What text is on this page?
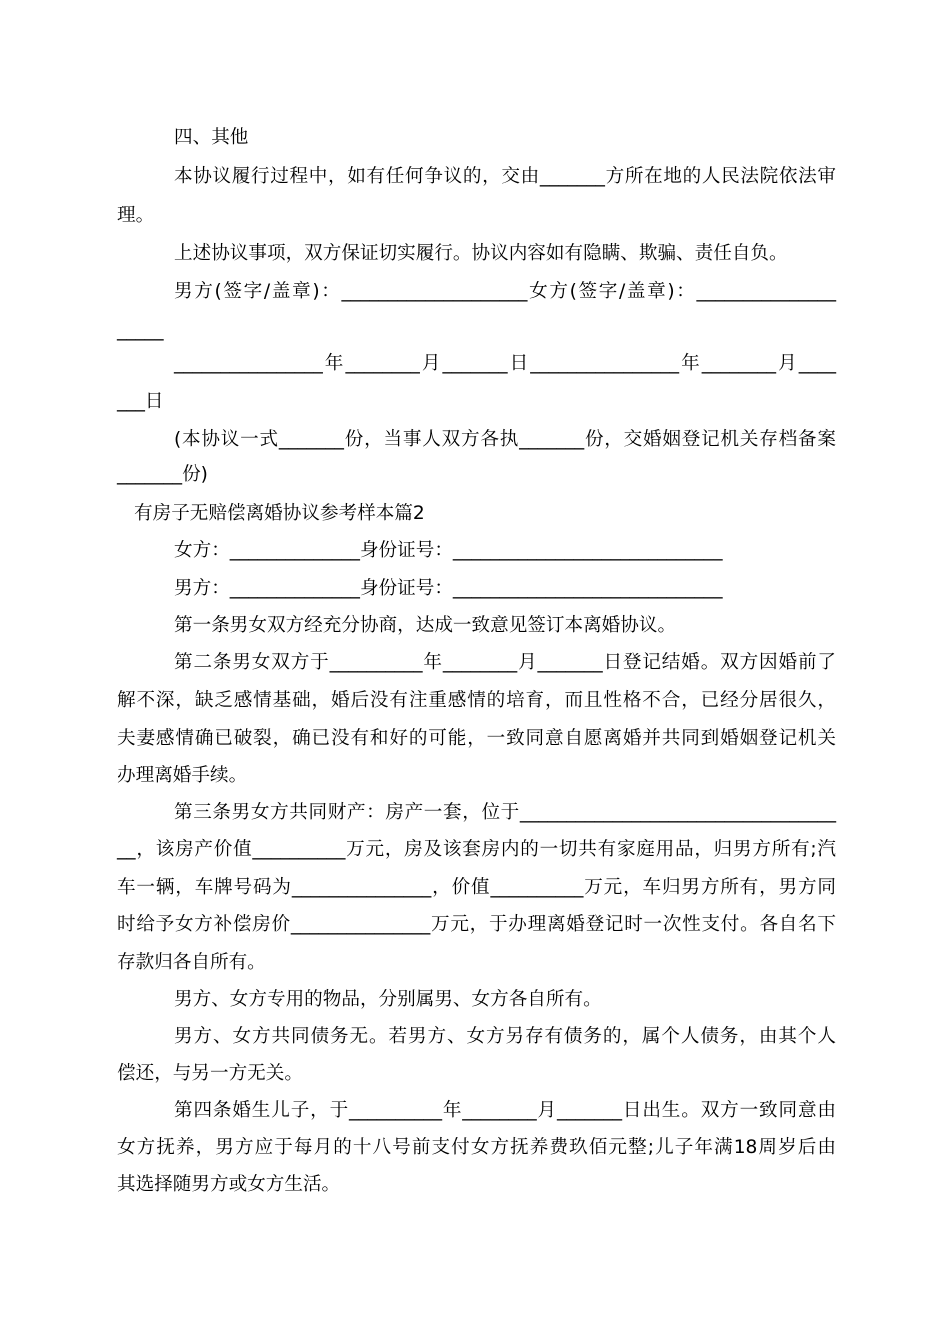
四、其他
本协议履行过程中，如有任何争议的，交由_______方所在地的人民法院依法审
理。
上述协议事项，双方保证切实履行。协议内容如有隐瞒、欺骗、责任自负。
男方(签字/盖章)：____________________女方(签字/盖章)：_______________
_____
________________年________月_______日________________年________月____
___日
(本协议一式_______份，当事人双方各执_______份，交婚姻登记机关存档备案
_______份)
有房子无赔偿离婚协议参考样本篇2
女方：______________身份证号：_____________________________
男方：______________身份证号：_____________________________
第一条男女双方经充分协商，达成一致意见签订本离婚协议。
第二条男女双方于__________年________月_______日登记结婚。双方因婚前了
解不深，缺乏感情基础，婚后没有注重感情的培育，而且性格不合，已经分居很久，
夫妻感情确已破裂，确已没有和好的可能，一致同意自愿离婚并共同到婚姻登记机关
办理离婚手续。
第三条男女方共同财产：房产一套，位于__________________________________
__，该房产价值__________万元，房及该套房内的一切共有家庭用品，归男方所有;汽
车一辆，车牌号码为_______________，价值__________万元，车归男方所有，男方同
时给予女方补偿房价_______________万元，于办理离婚登记时一次性支付。各自名下
存款归各自所有。
男方、女方专用的物品，分别属男、女方各自所有。
男方、女方共同债务无。若男方、女方另存有债务的，属个人债务，由其个人
偿还，与另一方无关。
第四条婚生儿子，于__________年________月_______日出生。双方一致同意由
女方抚养，男方应于每月的十八号前支付女方抚养费玖佰元整;儿子年满18周岁后由
其选择随男方或女方生活。
